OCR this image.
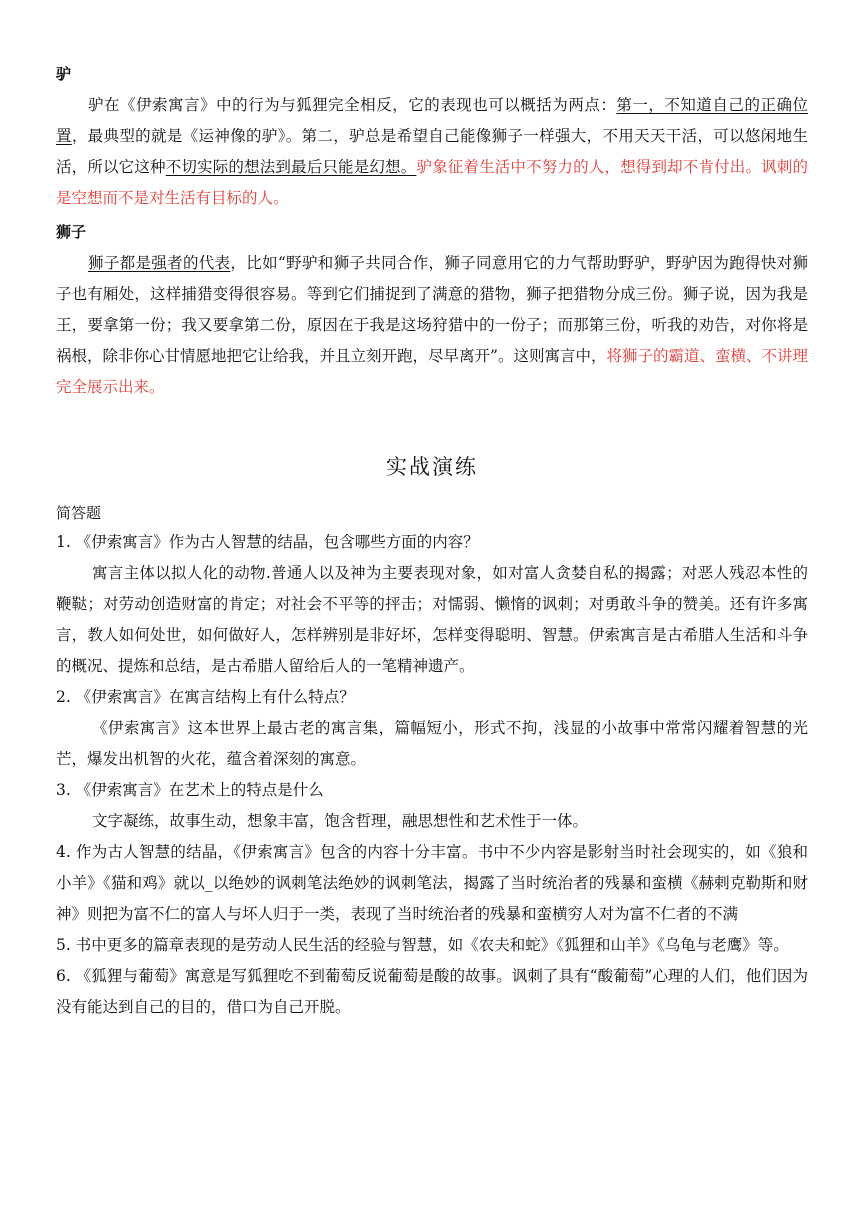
驴

驴在《伊索寓言》中的行为与狐狸完全相反，它的表现也可以概括为两点：第一，不知道自己的正确位置，最典型的就是《运神像的驴》。第二，驴总是希望自己能像狮子一样强大，不用天天干活，可以悠闲地生活，所以它这种不切实际的想法到最后只能是幻想。驴象征着生活中不努力的人，想得到却不肯付出。讽刺的是空想而不是对生活有目标的人。

狮子

狮子都是强者的代表，比如“野驴和狮子共同合作，狮子同意用它的力气帮助野驴，野驴因为跑得快对狮子也有厢处，这样捕猎变得很容易。等到它们捕捉到了满意的猎物，狮子把猎物分成三份。狮子说，因为我是王，要拿第一份；我又要拿第二份，原因在于我是这场狩猎中的一份子；而那第三份，听我的劝告，对你将是祸根，除非你心甘情愿地把它让给我，并且立刻开跑，尽早离开”。这则寓言中，将狮子的霸道、蛮横、不讲理完全展示出来。

实战演练

简答题

1. 《伊索寓言》作为古人智慧的结晶，包含哪些方面的内容？

寓言主体以拟人化的动物.普通人以及神为主要表现对象，如对富人贪婪自私的揭露；对恶人残忍本性的鞭鞑；对劳动创造财富的肯定；对社会不平等的抨击；对懦弱、懒惰的讽刺；对勇敢斗争的赞美。还有许多寓言，教人如何处世，如何做好人，怎样辨别是非好坏，怎样变得聪明、智慧。伊索寓言是古希腊人生活和斗争的概况、提炼和总结，是古希腊人留给后人的一笔精神遗产。

2. 《伊索寓言》在寓言结构上有什么特点？

《伊索寓言》这本世界上最古老的寓言集，篇幅短小，形式不拘，浅显的小故事中常常闪耀着智慧的光芒，爆发出机智的火花，蕴含着深刻的寓意。

3. 《伊索寓言》在艺术上的特点是什么

文字凝练，故事生动，想象丰富，饱含哲理，融思想性和艺术性于一体。

4. 作为古人智慧的结晶，《伊索寓言》包含的内容十分丰富。书中不少内容是影射当时社会现实的，如《狼和小羊》《猫和鸡》就以_以绝妙的讽刺笔法绝妙的讽刺笔法，揭露了当时统治者的残暴和蛮横《赫剌克勒斯和财神》则把为富不仁的富人与坏人归于一类，表现了当时统治者的残暴和蛮横穷人对为富不仁者的不满

5. 书中更多的篇章表现的是劳动人民生活的经验与智慧，如《农夫和蛇》《狐狸和山羊》《乌龟与老鹰》等。

6. 《狐狸与葡萄》寓意是写狐狸吃不到葡萄反说葡萄是酸的故事。讽刺了具有“酸葡萄”心理的人们，他们因为没有能达到自己的目的，借口为自己开脱。
